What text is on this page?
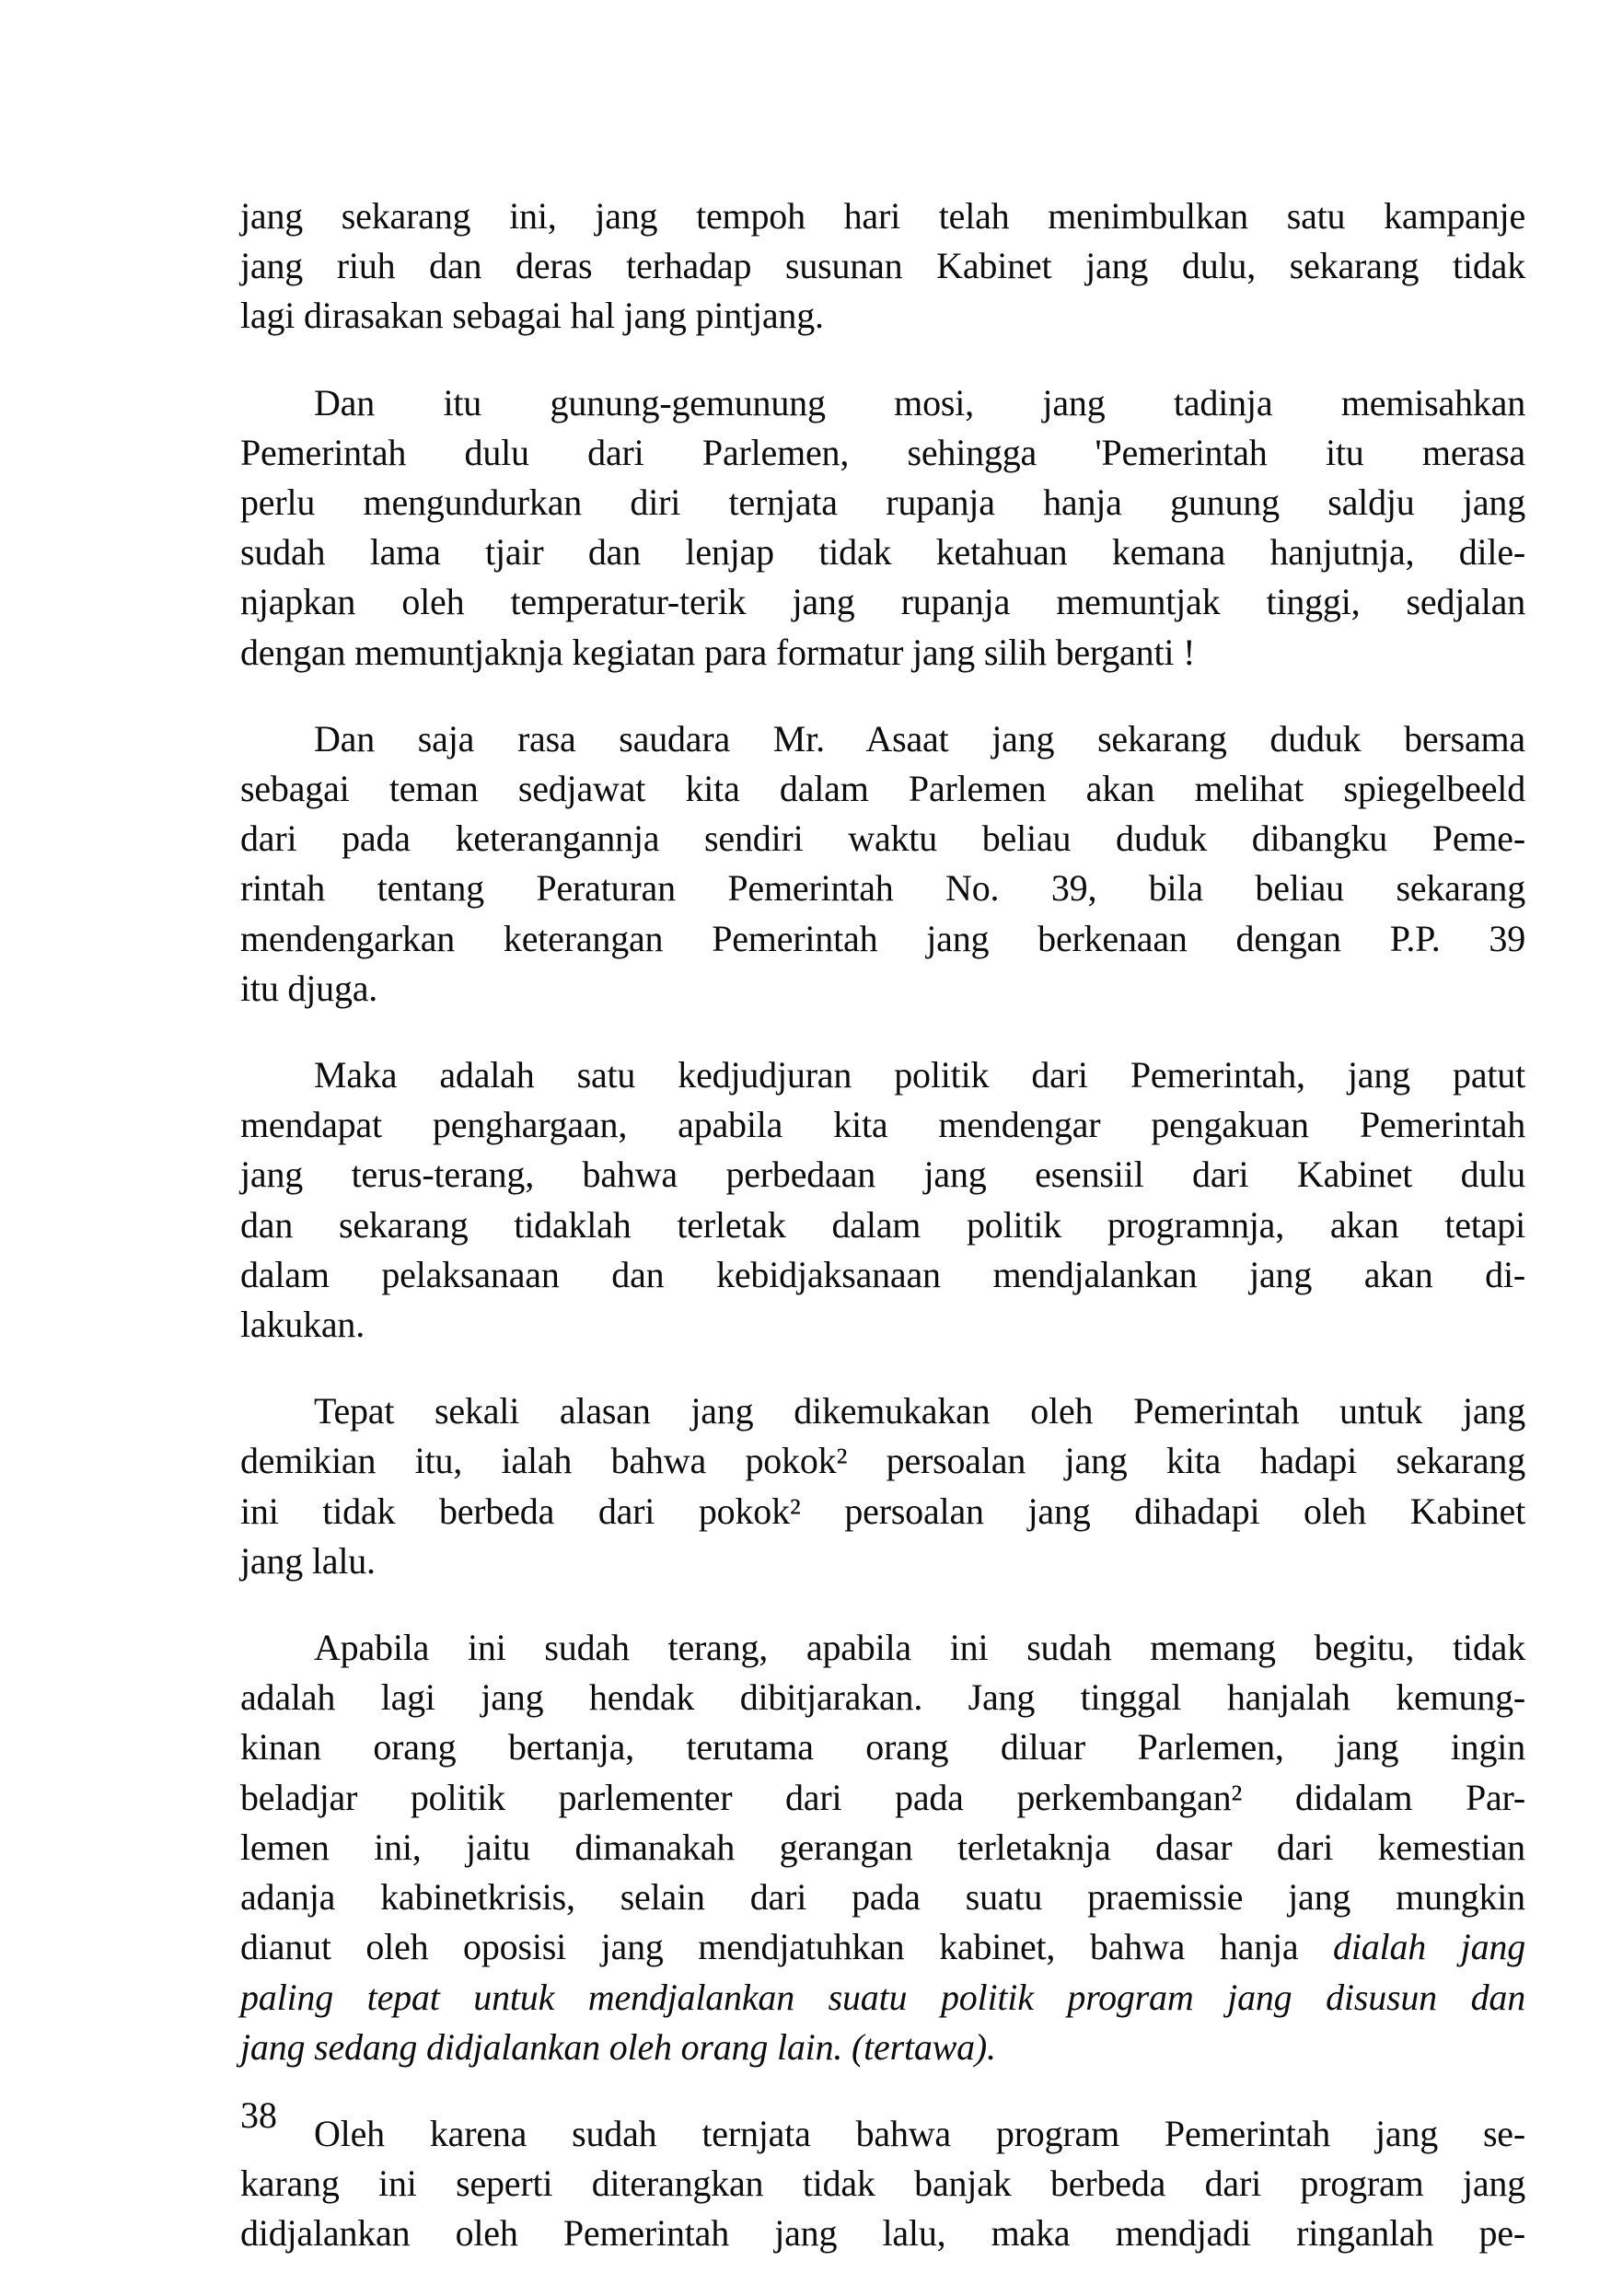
jang sekarang ini, jang tempoh hari telah menimbulkan satu kampanje
jang riuh dan deras terhadap susunan Kabinet jang dulu, sekarang tidak
lagi dirasakan sebagai hal jang pintjang.

Dan itu gunung-gemunung mosi, jang tadinja memisahkan
Pemerintah dulu dari Parlemen, sehingga 'Pemerintah itu merasa
perlu mengundurkan diri ternjata rupanja hanja gunung saldju jang
sudah lama tjair dan lenjap tidak ketahuan kemana hanjutnja, dile-
njapkan oleh temperatur-terik jang rupanja memuntjak tinggi, sedjalan
dengan memuntjaknja kegiatan para formatur jang silih berganti !

Dan saja rasa saudara Mr. Asaat jang sekarang duduk bersama
sebagai teman sedjawat kita dalam Parlemen akan melihat spiegelbeeld
dari pada keterangannja sendiri waktu beliau duduk dibangku Peme-
rintah tentang Peraturan Pemerintah No. 39, bila beliau sekarang
mendengarkan keterangan Pemerintah jang berkenaan dengan P.P. 39
itu djuga.

Maka adalah satu kedjudjuran politik dari Pemerintah, jang patut
mendapat penghargaan, apabila kita mendengar pengakuan Pemerintah
jang terus-terang, bahwa perbedaan jang esensiil dari Kabinet dulu
dan sekarang tidaklah terletak dalam politik programnja, akan tetapi
dalam pelaksanaan dan kebidjaksanaan mendjalankan jang akan di-
lakukan.

Tepat sekali alasan jang dikemukakan oleh Pemerintah untuk jang
demikian itu, ialah bahwa pokok² persoalan jang kita hadapi sekarang
ini tidak berbeda dari pokok² persoalan jang dihadapi oleh Kabinet
jang lalu.

Apabila ini sudah terang, apabila ini sudah memang begitu, tidak
adalah lagi jang hendak dibitjarakan. Jang tinggal hanjalah kemung-
kinan orang bertanja, terutama orang diluar Parlemen, jang ingin
beladjar politik parlementer dari pada perkembangan² didalam Par-
lemen ini, jaitu dimanakah gerangan terletaknja dasar dari kemestian
adanja kabinetkrisis, selain dari pada suatu praemissie jang mungkin
dianut oleh oposisi jang mendjatuhkan kabinet, bahwa hanja dialah jang
paling tepat untuk mendjalankan suatu politik program jang disusun dan
jang sedang didjalankan oleh orang lain. (tertawa).

Oleh karena sudah ternjata bahwa program Pemerintah jang se-
karang ini seperti diterangkan tidak banjak berbeda dari program jang
didjalankan oleh Pemerintah jang lalu, maka mendjadi ringanlah pe-

38
